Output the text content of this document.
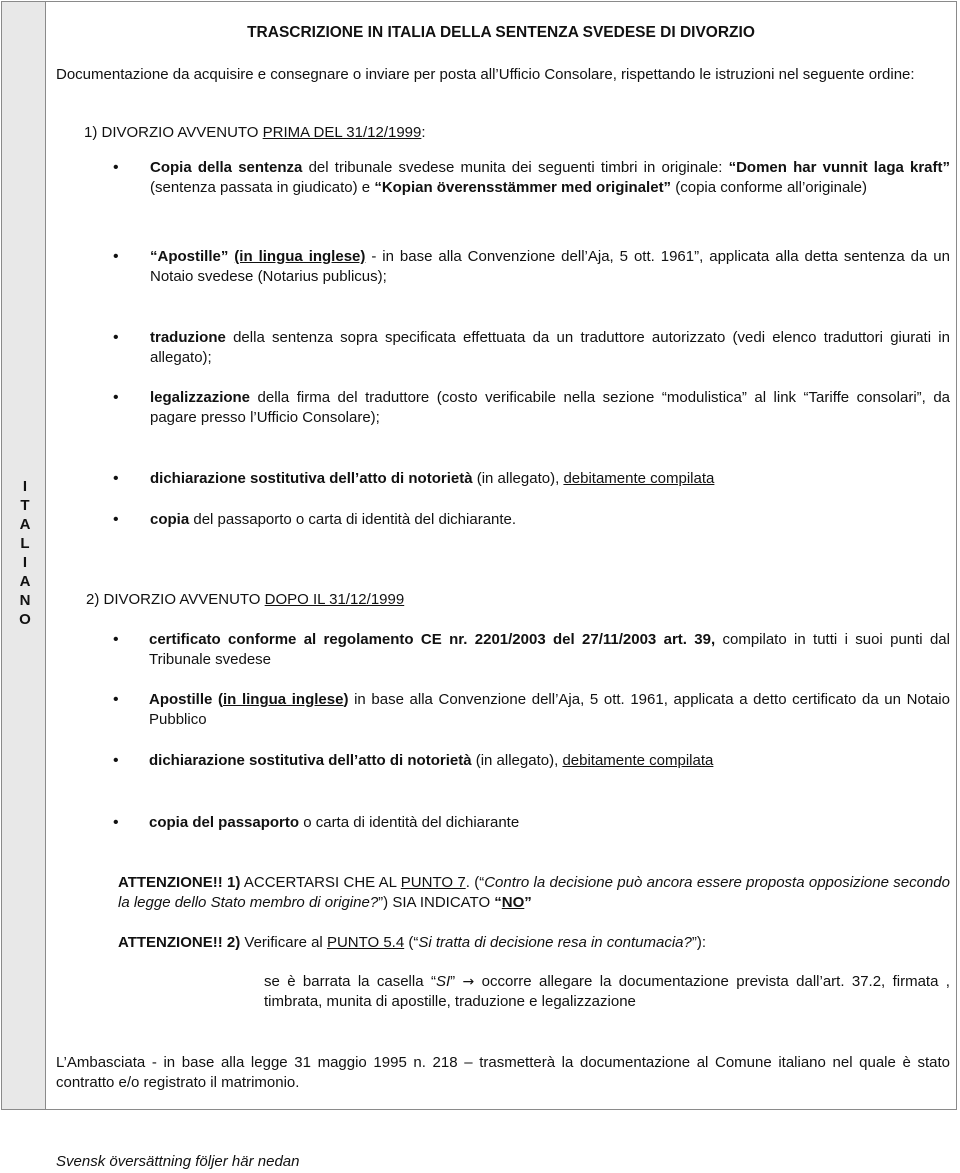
I
T
A
L
I
A
N
O
TRASCRIZIONE IN ITALIA DELLA SENTENZA SVEDESE DI DIVORZIO
Documentazione da acquisire e consegnare o inviare per posta all’Ufficio Consolare, rispettando le istruzioni nel seguente ordine:
1) DIVORZIO AVVENUTO PRIMA DEL 31/12/1999:
• Copia della sentenza del tribunale svedese munita dei seguenti timbri in originale: “Domen har vunnit laga kraft” (sentenza passata in giudicato) e “Kopian överensstämmer med originalet” (copia conforme all’originale)
• “Apostille” (in lingua inglese) - in base alla Convenzione dell’Aja, 5 ott. 1961”, applicata alla detta sentenza da un Notaio svedese (Notarius publicus);
• traduzione della sentenza sopra specificata effettuata da un traduttore autorizzato (vedi elenco traduttori giurati in allegato);
• legalizzazione della firma del traduttore (costo verificabile nella sezione “modulistica” al link “Tariffe consolari”, da pagare presso l’Ufficio Consolare);
• dichiarazione sostitutiva dell’atto di notorietà (in allegato), debitamente compilata
• copia del passaporto o carta di identità del dichiarante.
2) DIVORZIO AVVENUTO DOPO IL 31/12/1999
• certificato conforme al regolamento CE nr. 2201/2003 del 27/11/2003 art. 39, compilato in tutti i suoi punti dal Tribunale svedese
• Apostille (in lingua inglese) in base alla Convenzione dell’Aja, 5 ott. 1961, applicata a detto certificato da un Notaio Pubblico
• dichiarazione sostitutiva dell’atto di notorietà (in allegato), debitamente compilata
• copia del passaporto o carta di identità del dichiarante
ATTENZIONE!! 1) ACCERTARSI CHE AL PUNTO 7. (“Contro la decisione può ancora essere proposta opposizione secondo la legge dello Stato membro di origine?”) SIA INDICATO “NO”
ATTENZIONE!! 2) Verificare al PUNTO 5.4 (“Si tratta di decisione resa in contumacia?”):
se è barrata la casella “SI” → occorre allegare la documentazione prevista dall’art. 37.2, firmata , timbrata, munita di apostille, traduzione e legalizzazione
L’Ambasciata - in base alla legge 31 maggio 1995 n. 218 – trasmetterà la documentazione al Comune italiano nel quale è stato contratto e/o registrato il matrimonio.
Svensk översättning följer här nedan
